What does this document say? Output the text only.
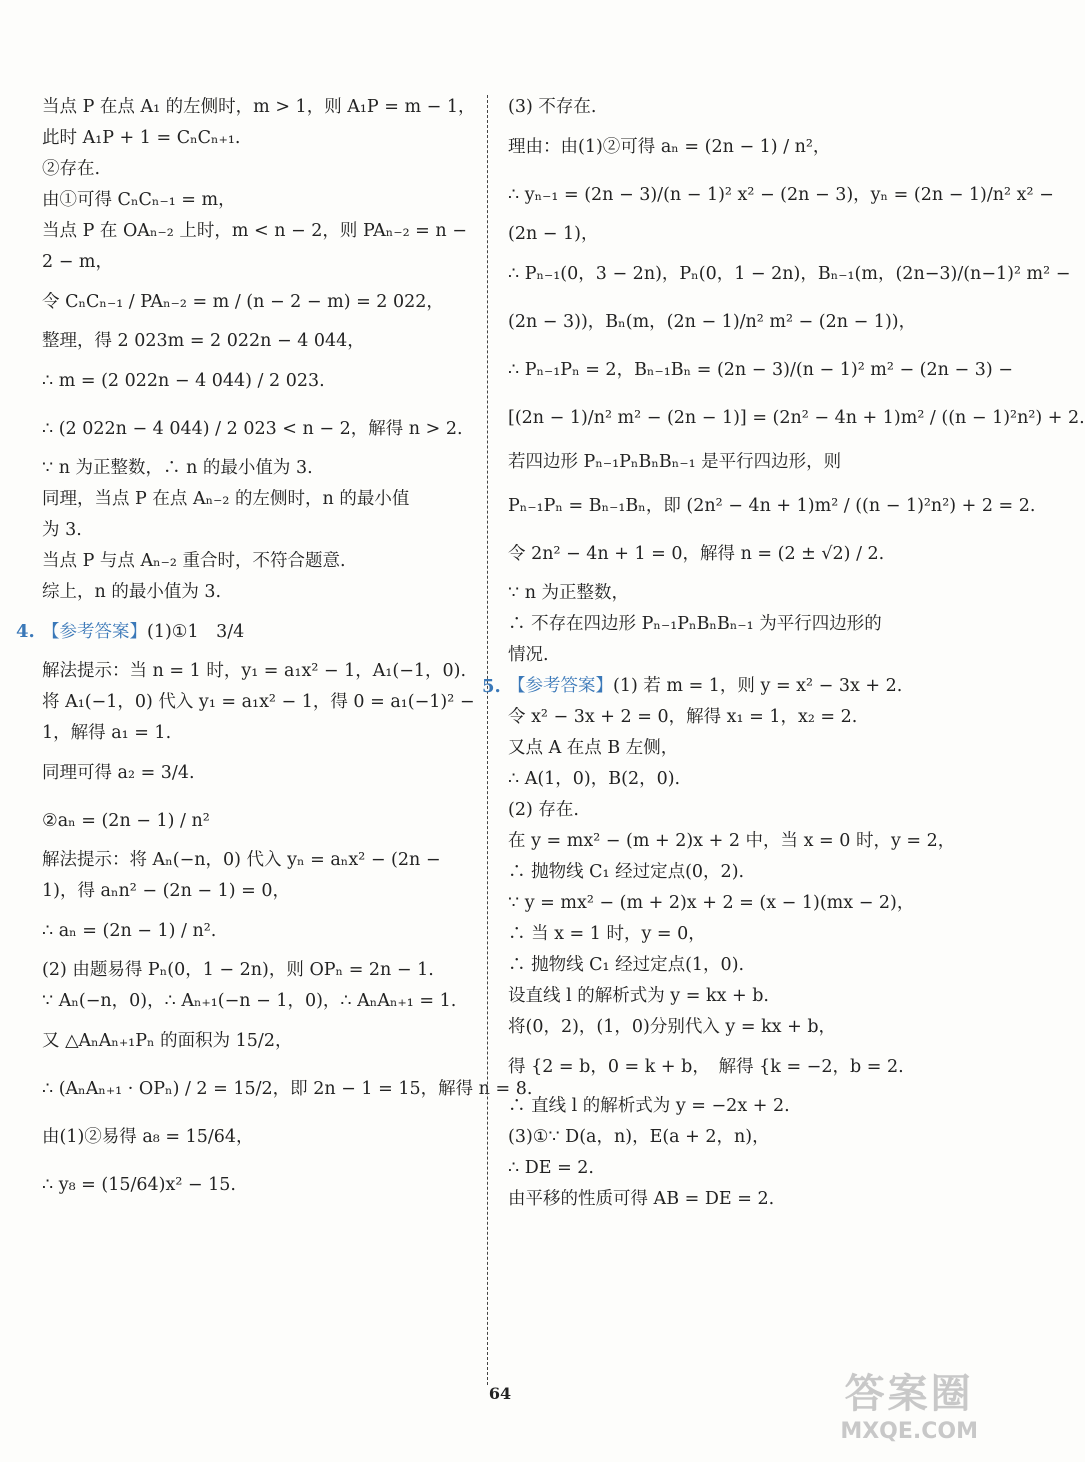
当点 P 在点 A₁ 的左侧时，m > 1，则 A₁P = m − 1，

此时 A₁P + 1 = CₙCₙ₊₁.

②存在.

由①可得 CₙCₙ₋₁ = m，

当点 P 在 OAₙ₋₂ 上时，m < n − 2，则 PAₙ₋₂ = n −

2 − m，

令 CₙCₙ₋₁ / PAₙ₋₂ = m / (n − 2 − m) = 2 022，

整理，得 2 023m = 2 022n − 4 044，

∴ m = (2 022n − 4 044) / 2 023.

∴ (2 022n − 4 044) / 2 023 < n − 2，解得 n > 2.

∵ n 为正整数，∴ n 的最小值为 3.

同理，当点 P 在点 Aₙ₋₂ 的左侧时，n 的最小值

为 3.

当点 P 与点 Aₙ₋₂ 重合时，不符合题意.

综上，n 的最小值为 3.

4. 【参考答案】 (1)①1　3/4

解法提示：当 n = 1 时，y₁ = a₁x² − 1，A₁(−1，0).

将 A₁(−1，0) 代入 y₁ = a₁x² − 1，得 0 = a₁(−1)² −

1，解得 a₁ = 1.

同理可得 a₂ = 3/4.

②aₙ = (2n − 1) / n²

解法提示：将 Aₙ(−n，0) 代入 yₙ = aₙx² − (2n −

1)，得 aₙn² − (2n − 1) = 0，

∴ aₙ = (2n − 1) / n².

(2) 由题易得 Pₙ(0，1 − 2n)，则 OPₙ = 2n − 1.

∵ Aₙ(−n，0)，∴ Aₙ₊₁(−n − 1，0)，∴ AₙAₙ₊₁ = 1.

又 △AₙAₙ₊₁Pₙ 的面积为 15/2，

∴ (AₙAₙ₊₁ · OPₙ) / 2 = 15/2，即 2n − 1 = 15，解得 n = 8.

由(1)②易得 a₈ = 15/64，

∴ y₈ = (15/64)x² − 15.

(3) 不存在.

理由：由(1)②可得 aₙ = (2n − 1) / n²，

∴ yₙ₋₁ = (2n − 3)/(n − 1)² x² − (2n − 3)，yₙ = (2n − 1)/n² x² −

(2n − 1)，

∴ Pₙ₋₁(0，3 − 2n)，Pₙ(0，1 − 2n)，Bₙ₋₁(m，(2n−3)/(n−1)² m² −

(2n − 3))，Bₙ(m，(2n − 1)/n² m² − (2n − 1))，

∴ Pₙ₋₁Pₙ = 2，Bₙ₋₁Bₙ = (2n − 3)/(n − 1)² m² − (2n − 3) −

[(2n − 1)/n² m² − (2n − 1)] = (2n² − 4n + 1)m² / ((n − 1)²n²) + 2.

若四边形 Pₙ₋₁PₙBₙBₙ₋₁ 是平行四边形，则

Pₙ₋₁Pₙ = Bₙ₋₁Bₙ，即 (2n² − 4n + 1)m² / ((n − 1)²n²) + 2 = 2.

令 2n² − 4n + 1 = 0，解得 n = (2 ± √2) / 2.

∵ n 为正整数，

∴ 不存在四边形 Pₙ₋₁PₙBₙBₙ₋₁ 为平行四边形的

情况.

5. 【参考答案】 (1) 若 m = 1，则 y = x² − 3x + 2.

令 x² − 3x + 2 = 0，解得 x₁ = 1，x₂ = 2.

又点 A 在点 B 左侧，

∴ A(1，0)，B(2，0).

(2) 存在.

在 y = mx² − (m + 2)x + 2 中，当 x = 0 时，y = 2，

∴ 抛物线 C₁ 经过定点(0，2).

∵ y = mx² − (m + 2)x + 2 = (x − 1)(mx − 2)，

∴ 当 x = 1 时，y = 0，

∴ 抛物线 C₁ 经过定点(1，0).

设直线 l 的解析式为 y = kx + b.

将(0，2)，(1，0)分别代入 y = kx + b，

得 {2 = b，0 = k + b，　解得 {k = −2，b = 2.

∴ 直线 l 的解析式为 y = −2x + 2.

(3)①∵ D(a，n)，E(a + 2，n)，

∴ DE = 2.

由平移的性质可得 AB = DE = 2.

64	答案圈
MXQE.COM
